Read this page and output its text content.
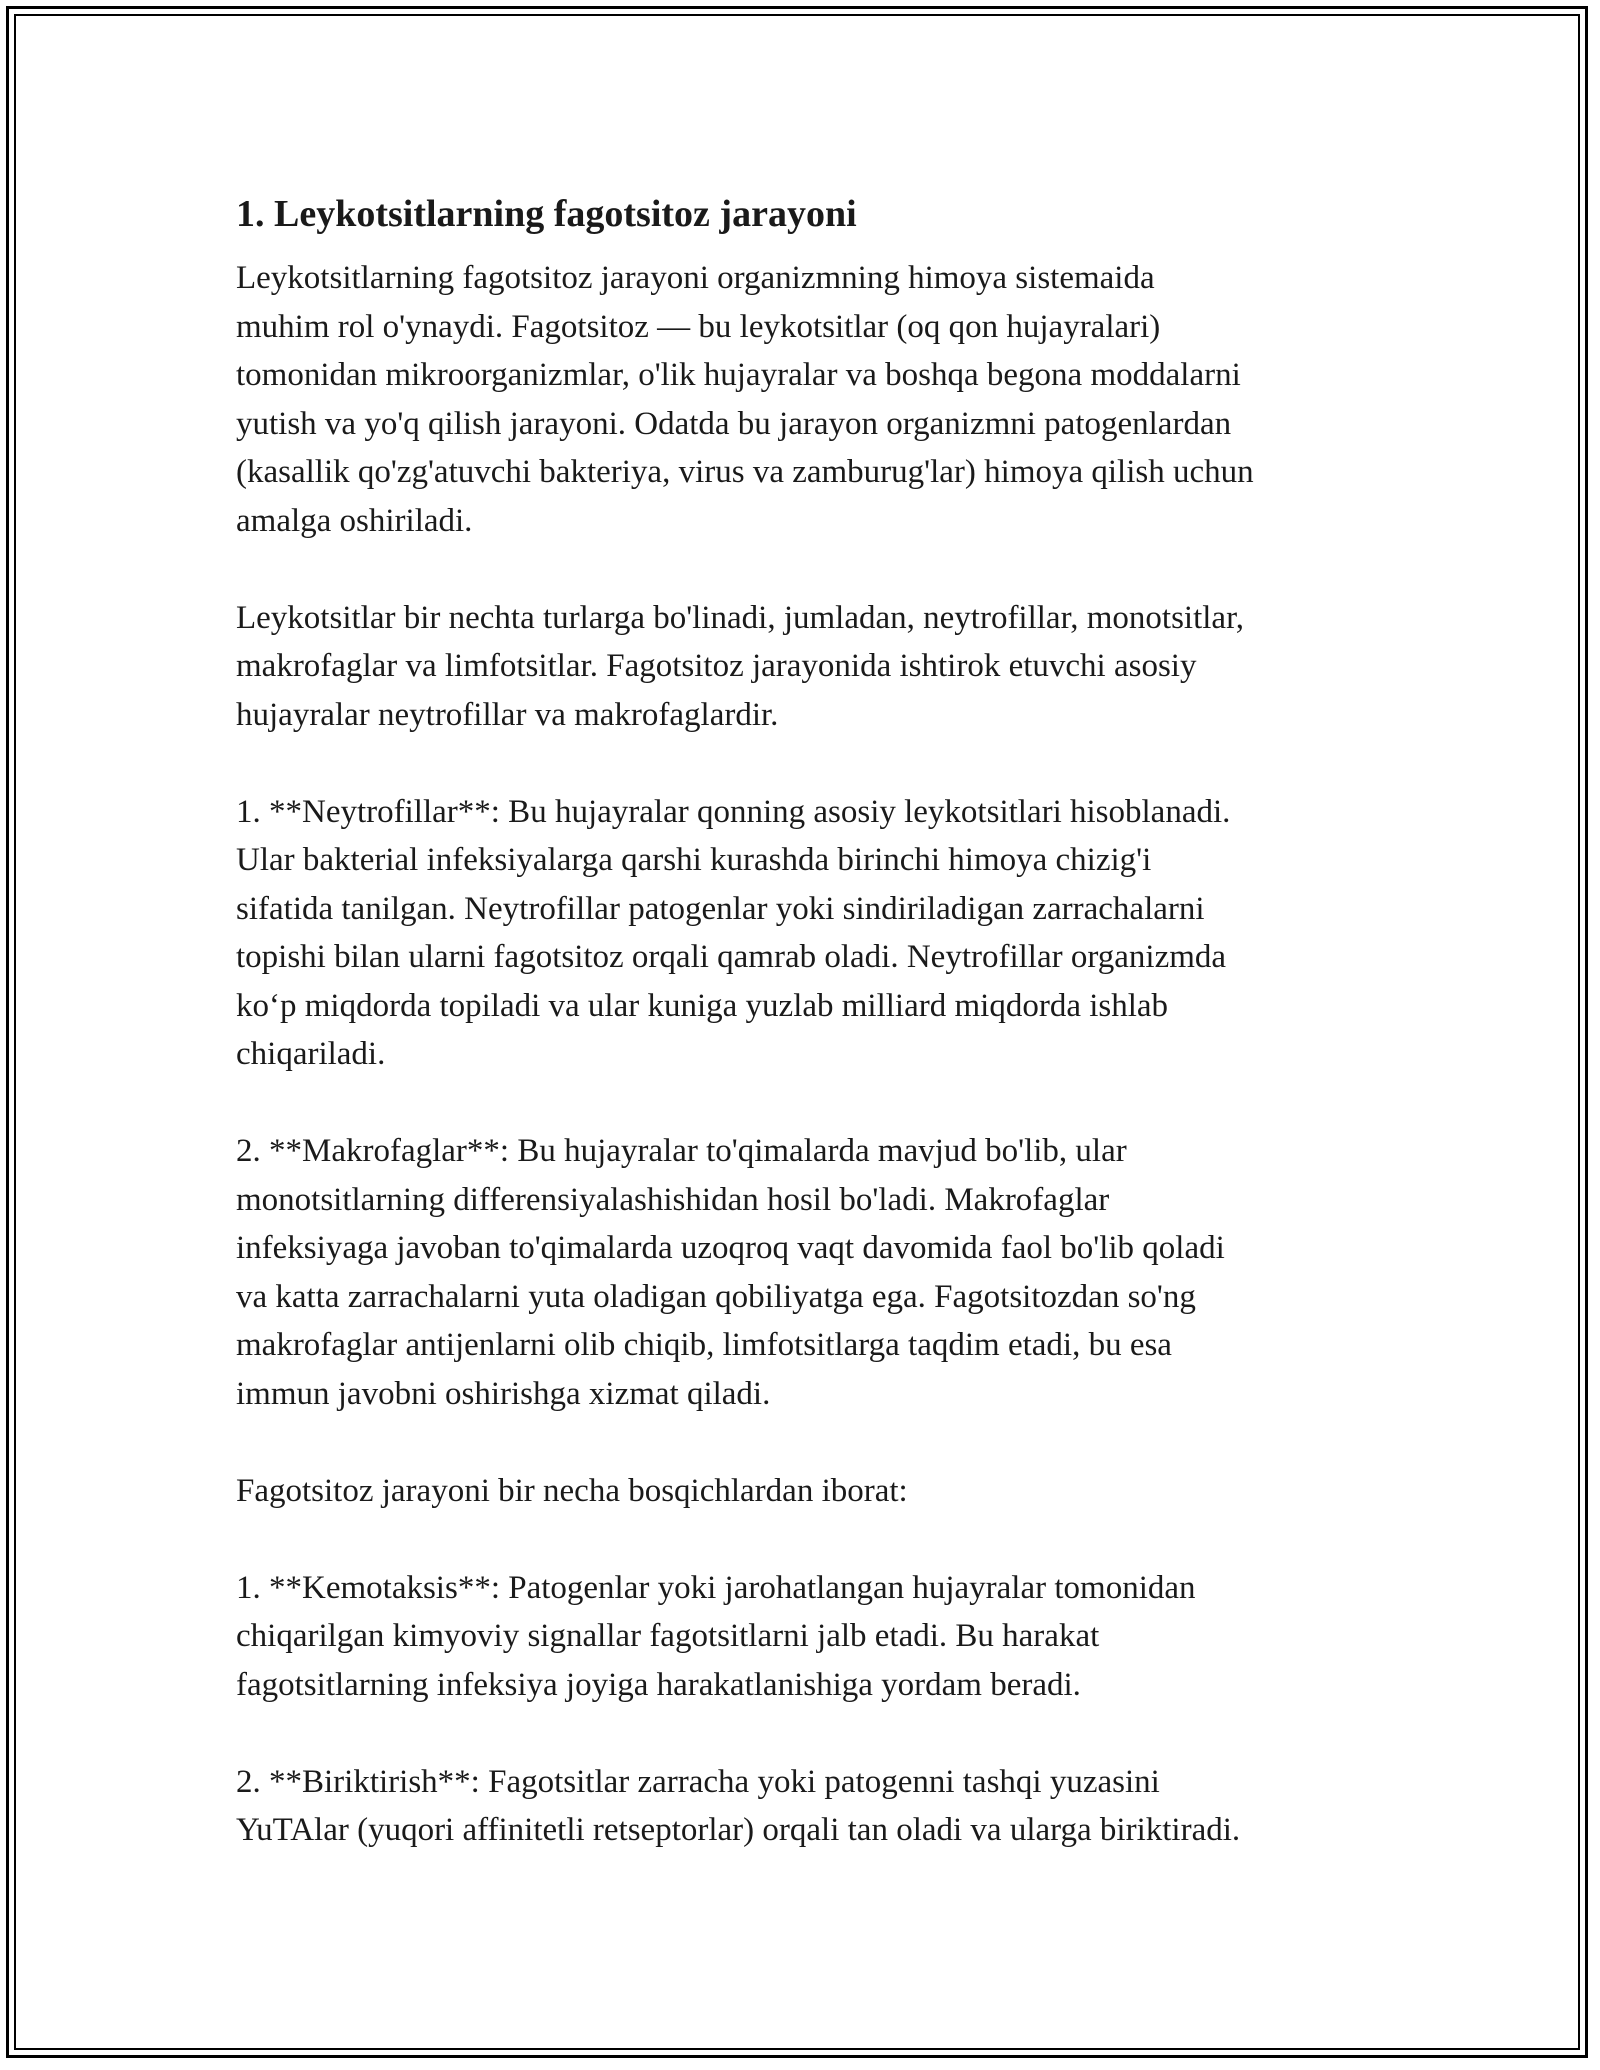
1. Leykotsitlarning fagotsitoz jarayoni

Leykotsitlarning fagotsitoz jarayoni organizmning himoya sistemaida
muhim rol o'ynaydi. Fagotsitoz — bu leykotsitlar (oq qon hujayralari)
tomonidan mikroorganizmlar, o'lik hujayralar va boshqa begona moddalarni
yutish va yo'q qilish jarayoni. Odatda bu jarayon organizmni patogenlardan
(kasallik qo'zg'atuvchi bakteriya, virus va zamburug'lar) himoya qilish uchun
amalga oshiriladi.

Leykotsitlar bir nechta turlarga bo'linadi, jumladan, neytrofillar, monotsitlar,
makrofaglar va limfotsitlar. Fagotsitoz jarayonida ishtirok etuvchi asosiy
hujayralar neytrofillar va makrofaglardir.

1. **Neytrofillar**: Bu hujayralar qonning asosiy leykotsitlari hisoblanadi.
Ular bakterial infeksiyalarga qarshi kurashda birinchi himoya chizig'i
sifatida tanilgan. Neytrofillar patogenlar yoki sindiriladigan zarrachalarni
topishi bilan ularni fagotsitoz orqali qamrab oladi. Neytrofillar organizmda
ko‘p miqdorda topiladi va ular kuniga yuzlab milliard miqdorda ishlab
chiqariladi.

2. **Makrofaglar**: Bu hujayralar to'qimalarda mavjud bo'lib, ular
monotsitlarning differensiyalashishidan hosil bo'ladi. Makrofaglar
infeksiyaga javoban to'qimalarda uzoqroq vaqt davomida faol bo'lib qoladi
va katta zarrachalarni yuta oladigan qobiliyatga ega. Fagotsitozdan so'ng
makrofaglar antijenlarni olib chiqib, limfotsitlarga taqdim etadi, bu esa
immun javobni oshirishga xizmat qiladi.

Fagotsitoz jarayoni bir necha bosqichlardan iborat:

1. **Kemotaksis**: Patogenlar yoki jarohatlangan hujayralar tomonidan
chiqarilgan kimyoviy signallar fagotsitlarni jalb etadi. Bu harakat
fagotsitlarning infeksiya joyiga harakatlanishiga yordam beradi.

2. **Biriktirish**: Fagotsitlar zarracha yoki patogenni tashqi yuzasini
YuTAlar (yuqori affinitetli retseptorlar) orqali tan oladi va ularga biriktiradi.
